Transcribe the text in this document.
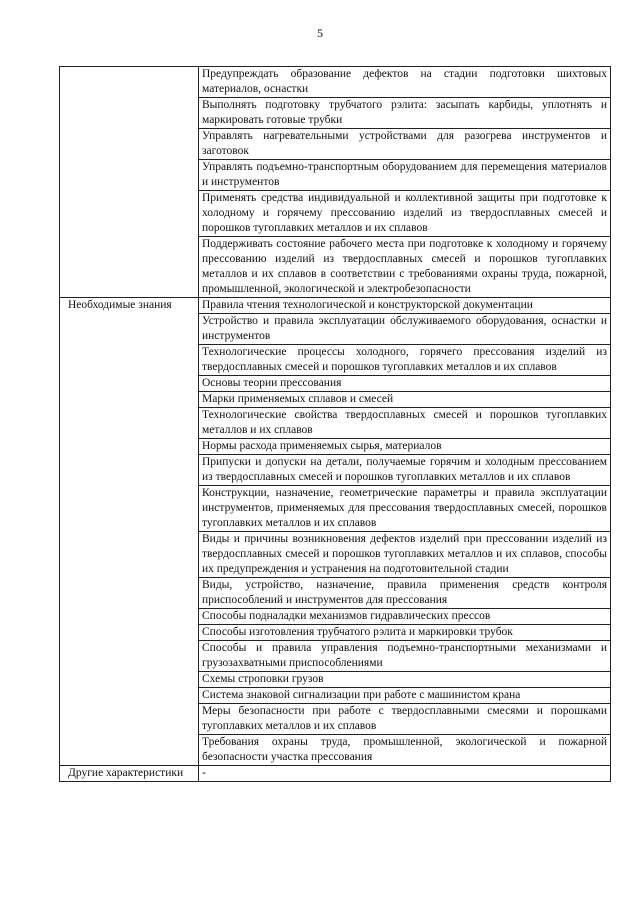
5
	Предупреждать образование дефектов на стадии подготовки шихтовых материалов, оснастки
	Выполнять подготовку трубчатого рэлита: засыпать карбиды, уплотнять и маркировать готовые трубки
	Управлять нагревательными устройствами для разогрева инструментов и заготовок
	Управлять подъемно-транспортным оборудованием для перемещения материалов и инструментов
	Применять средства индивидуальной и коллективной защиты при подготовке к холодному и горячему прессованию изделий из твердосплавных смесей и порошков тугоплавких металлов и их сплавов
	Поддерживать состояние рабочего места при подготовке к холодному и горячему прессованию изделий из твердосплавных смесей и порошков тугоплавких металлов и их сплавов в соответствии с требованиями охраны труда, пожарной, промышленной, экологической и электробезопасности

Необходимые знания	Правила чтения технологической и конструкторской документации
	Устройство и правила эксплуатации обслуживаемого оборудования, оснастки и инструментов
	Технологические процессы холодного, горячего прессования изделий из твердосплавных смесей и порошков тугоплавких металлов и их сплавов
	Основы теории прессования
	Марки применяемых сплавов и смесей
	Технологические свойства твердосплавных смесей и порошков тугоплавких металлов и их сплавов
	Нормы расхода применяемых сырья, материалов
	Припуски и допуски на детали, получаемые горячим и холодным прессованием из твердосплавных смесей и порошков тугоплавких металлов и их сплавов
	Конструкции, назначение, геометрические параметры и правила эксплуатации инструментов, применяемых для прессования твердосплавных смесей, порошков тугоплавких металлов и их сплавов
	Виды и причины возникновения дефектов изделий при прессовании изделий из твердосплавных смесей и порошков тугоплавких металлов и их сплавов, способы их предупреждения и устранения на подготовительной стадии
	Виды, устройство, назначение, правила применения средств контроля приспособлений и инструментов для прессования
	Способы подналадки механизмов гидравлических прессов
	Способы изготовления трубчатого рэлита и маркировки трубок
	Способы и правила управления подъемно-транспортными механизмами и грузозахватными приспособлениями
	Схемы строповки грузов
	Система знаковой сигнализации при работе с машинистом крана
	Меры безопасности при работе с твердосплавными смесями и порошками тугоплавких металлов и их сплавов
	Требования охраны труда, промышленной, экологической и пожарной безопасности участка прессования

Другие характеристики	-
